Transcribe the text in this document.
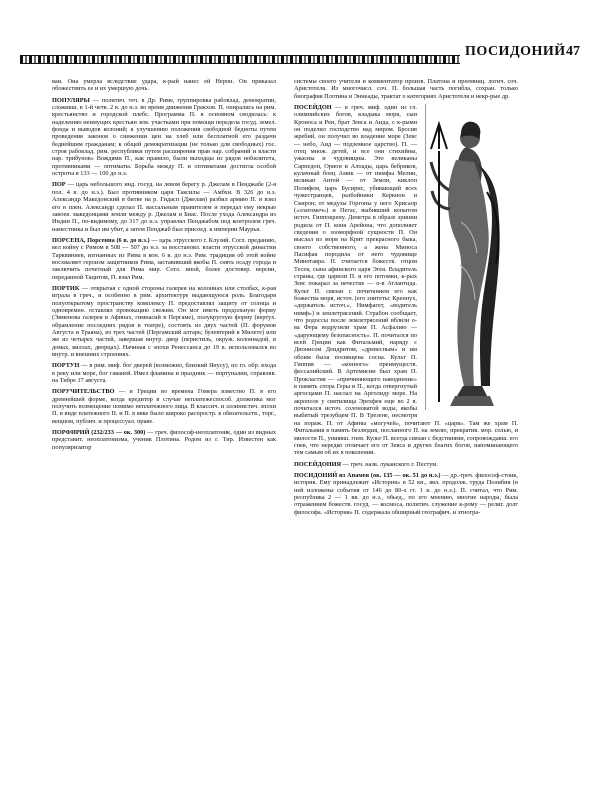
ПОСИДОНИЙ 47

ваи. Она умерла вследствие удара, к-рый нанес ей Нерон. Он приказал обожествить ее и их умершую дочь.

ПОПУЛЯРЫ — политич. теч. в Др. Риме, группировка рабовлад. демократии, сложивш. в 1-й четв. 2 в. до н.э. во время движения Гракхов. П. опирались на рим. крестьянство и городской плебс. Программа П. в основном сводилась: к наделению неимущих крестьян зем. участками при помощи передела госуд. земел. фонда и выводов колоний; к улучшению положения свободной бедноты путем проведения законов о снижении цен на хлеб или бесплатной его раздачи беднейшим гражданам; к общей демократизации (не только для свободных) гос. строя рабовлад. рим. республики путем расширения прав нар. собраний и власти нар. трибунов» Вождями П., как правило, были выходцы из рядов нобилитета, противниками — оптиматы. Борьба между П. и оптиматами достигла особой остроты в 133 — 100 до н.э.

ПОР — царь небольшого инд. госуд. на левом берегу р. Джелам в Пенджабе (2-я пол. 4 в. до н.э.). Был противником царя Таксилы — Амбхи. В 326 до н.э. Александр Македонский в битве на р. Гидасп (Джелам) разбил армию П. и взял его в плен. Александр сделал П. вассальным правителем и передал ему некрые завоев. македонцами земли между р. Джелам и Биас. После ухода Александра из Индии П., по-видимому, до 317 до н.э. управлял Пенджабом под контролем греч. наместника и был им убит, а затем Пенджаб был присоед. к империи Маурья.

ПОРСЕНА, Порсенна (6 в. до н.э.) — царь этрусского г. Клузий. Согл. преданию, вел войну с Римом в 508 — 507 до н.э. за восстановл. власти этрусской династии Тарквиниев, изгнанных из Рима в кон. 6 в. до н.э. Рим. традиция об этой войне восхваляет героизм защитников Рима, заставивший якобы П. снять осаду города и заключить почетный для Рима мир. Согл. иной, более достовер. версии, переданной Тацитом, П. взял Рим.

ПОРТИК — открытая с одной стороны галерея на колоннах или столбах, к-рая играла в греч., и особенно в рим. архитектуре выдающуюся роль. Благодаря полуоткрытому пространству комплексу П. предоставлял защиту от солнца и одновремен. оставлял провокацию свежим. Он мог иметь продольную форму (Эвменова галерея в Афинах, гимнасий в Пергаме), полукруглую форму (вертух. обрамление последних рядов в театре), состоять из двух частей (П. форумов Августа и Траяна), из трех частей (Пергамский алтарь; булевтерий в Милете) или же из четырех частей, завершая внутр. двор (перистиль, окруж. колоннадой, в домах, виллах, дворцах). Начиная с эпохи Ренессанса до 19 в. использовался во внутр. и внешних строениях.

ПОРТУН — в рим. миф. бог дверей (возможно, близкий Янусу), по гл. обр. входа в реку или море, бог гаваней. Имел фламина и праздник — портуналии, справляв. на Тибре 17 августа.

ПОРУЧИТЕЛЬСТВО — в Греции во времена Гомера известно П. в его древнейшей форме, когда кредитор в случае неплатежеспособ. должника мог получить возмещение помимо неплатежного лица. В классич. и эллинистич. эпохи П. в виде платежного П. и П. в явке было широко распростр. в обязательств., торг., вещном, публич. и процессуал. праве.

ПОРФИРИЙ (232/233 — ок. 300) — греч. философ-неоплатоник, один из видных представит. неоплатонизма, ученик Плотина. Родом из г. Тир. Известен как популяризатор

системы своего учителя и комментатор произв. Платона и преемниц. логич. соч. Аристотеля. Из многочисл. соч. П. большая часть погибла, сохран. только биография Плотина и Эннеады, трактат о категориях Аристотеля и некр-рые др.

ПОСЕЙДОН — в греч. миф. один из гл. олимпийских богов, владыка моря, сын Кроноса и Реи, брат Зевса и Аида, с к-рыми он поделил господство над миром. Бросив жребий, он получил во владение море (Зевс — небо, Аид — подземное царство). П. — отец множ. детей, и все они стихийны, ужасны и чудовищны. Это великаны Сарпедон, Орион и Алоады, царь бебриков, кулачный боец Амик — от нимфы Мелии, великан Антей — от Земли, киклоп Полифем, царь Бусирис, убивающий всех чужестранцев, разбойники Керкион и Скирон; от медузы Горгоны у него Хрисаор («златомеч») и Пегас, выбивший копытом источ. Гиппокрену. Деметра в образе эринии родила от П. коня Арейона, что дополняет сведения о зооморфной сущности П. Он выслал из моря на Крит прекрасного быка, своего собственного, а жена Миноса Пасифая породила от него чудовище Минотавра. П. считается божеств. отцом Тесея, сына афинского царя Эгея. Владитель страны, где царили П. и его потомки, к-рых Зевс покарал за нечестие — о-в Атлантида. Культ П. связан с почитанием его как божества моря, источ. (его эпитеты: Креннух, «держатель источ.», Нимфагет, «водитель нимф») и землетрясений. Страбон сообщает, что родоссы после землетрясений вблизи о-ва Фера водрузили храм П. Асфалию — «дарующему безопасность». П. почитался по всей Греции как Фитальмий, наряду с Дионисом Дендритом, «древесным» и им обоим была посвящена сосна. Культ П. Гиппия — «конного» преимуществ. фессалийский. В Артемисии был храм П. Прокластия — «причиняющего наводнение» в память спора Геры и П., когда отвергнутый аргосцами П. наслал на Арголиду море. На акрополе у святилища Эрехфея еще во 2 в. почитался источ. солоноватой воды, якобы выбитый трезубцем П. В Трезене, несмотря на пораж. П. от Афины «могучей», почитают П. «царя». Там же храм П. Фитальмия в память безлюдия, посланного П. на землю, прекратив. мор. солью, и милости П., униявш. гнев. Культ П. всегда связан с бедствиями, сопровождавш. его гнев, что нередко отличает его от Зевса и других благих богов, напоминающего тем самым об их в поколении.

ПОСЕЙДОНИЯ — греч. назв. луканского г. Пестум.

ПОСИДОНИЙ из Апамеи (ок. 135 — ок. 51 до н.э.) — др.-греч. философ-стоик, историк. Ему принадлежит «История» в 52 кн., явл. продолж. труда Полибия (в ней изложены события от 146 до 80-х гг. 1 в. до н.э.). П. считал, что Рим. республика 2 — 1 вв. до н.э., обьед., по его мнению, многие народы, была отражением божеств. госуд. — космоса, политич. служение к-рому — религ. долг философа. «История» П. содержала обширный географич. и этногра-
